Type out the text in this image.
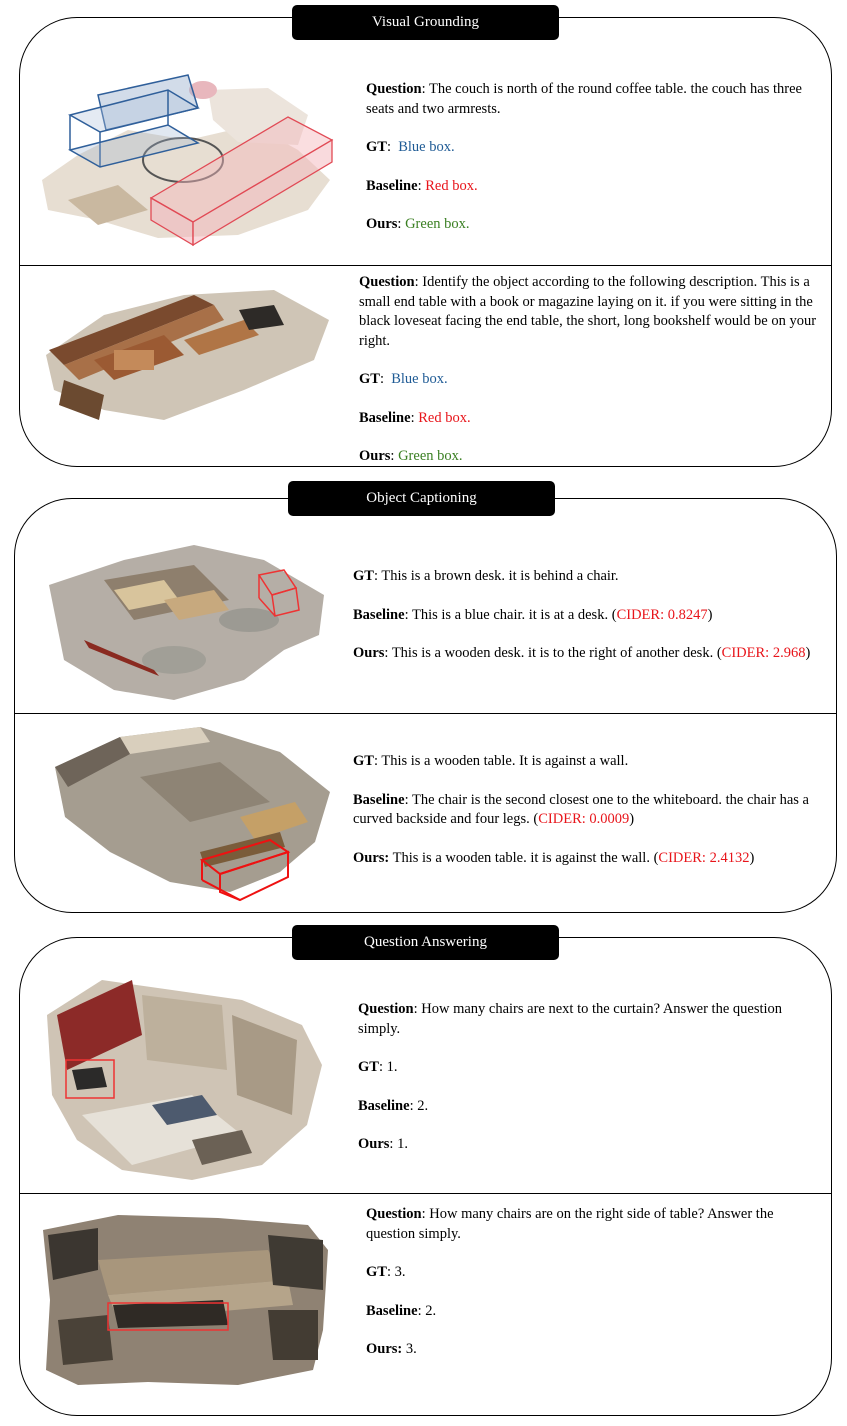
Visual Grounding

Question: The couch is north of the round coffee table. the couch has three seats and two armrests.

GT:  Blue box.

Baseline: Red box.

Ours: Green box.

Question: Identify the object according to the following description. This is a small end table with a book or magazine laying on it. if you were sitting in the black loveseat facing the end table, the short, long bookshelf would be on your right.

GT:  Blue box.

Baseline: Red box.

Ours: Green box.

Object Captioning

GT: This is a brown desk. it is behind a chair.

Baseline: This is a blue chair. it is at a desk. (CIDER: 0.8247)

Ours: This is a wooden desk. it is to the right of another desk. (CIDER: 2.968)

GT: This is a wooden table. It is against a wall.

Baseline: The chair is the second closest one to the whiteboard. the chair has a curved backside and four legs. (CIDER: 0.0009)

Ours: This is a wooden table. it is against the wall. (CIDER: 2.4132)

Question Answering

Question: How many chairs are next to the curtain? Answer the question simply.

GT: 1.

Baseline: 2.

Ours: 1.

Question: How many chairs are on the right side of table? Answer the question simply.

GT: 3.

Baseline: 2.

Ours: 3.
